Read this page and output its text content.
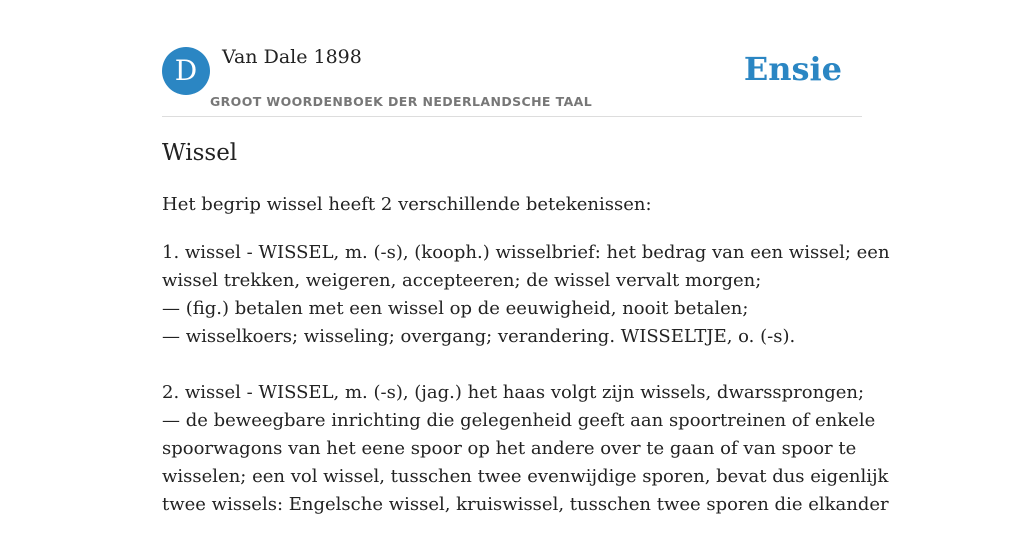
D	Van Dale 1898
GROOT WOORDENBOEK DER NEDERLANDSCHE TAAL
Ensie
Wissel

Het begrip wissel heeft 2 verschillende betekenissen:

1. wissel - WISSEL, m. (-s), (kooph.) wisselbrief: het bedrag van een wissel; een
wissel trekken, weigeren, accepteeren; de wissel vervalt morgen;
— (fig.) betalen met een wissel op de eeuwigheid, nooit betalen;
— wisselkoers; wisseling; overgang; verandering. WISSELTJE, o. (-s).
2. wissel - WISSEL, m. (-s), (jag.) het haas volgt zijn wissels, dwarssprongen;
— de beweegbare inrichting die gelegenheid geeft aan spoortreinen of enkele
spoorwagons van het eene spoor op het andere over te gaan of van spoor te
wisselen; een vol wissel, tusschen twee evenwijdige sporen, bevat dus eigenlijk
twee wissels: Engelsche wissel, kruiswissel, tusschen twee sporen die elkander
